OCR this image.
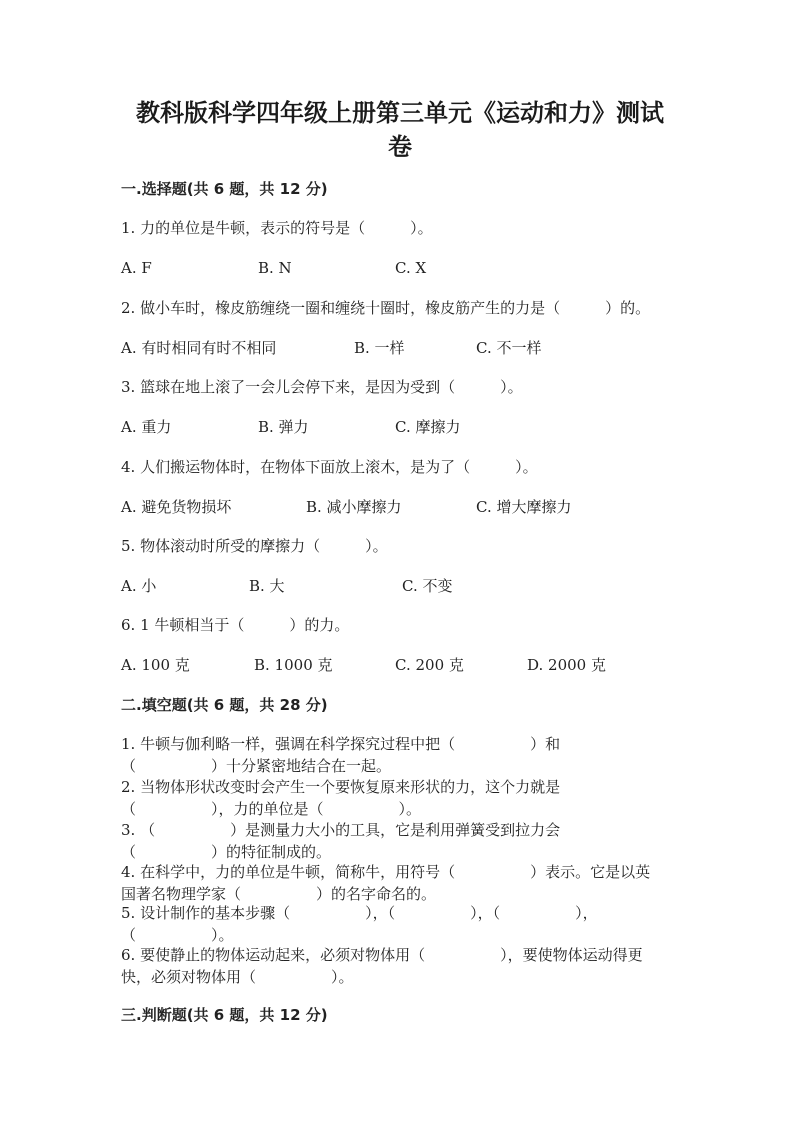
教科版科学四年级上册第三单元《运动和力》测试
卷
一.选择题(共 6 题，共 12 分)
1. 力的单位是牛顿，表示的符号是（　　　）。
A. F	B. N	C. X
2. 做小车时，橡皮筋缠绕一圈和缠绕十圈时，橡皮筋产生的力是（　　　）的。
A. 有时相同有时不相同	B. 一样	C. 不一样
3. 篮球在地上滚了一会儿会停下来，是因为受到（　　　）。
A. 重力	B. 弹力	C. 摩擦力
4. 人们搬运物体时，在物体下面放上滚木，是为了（　　　）。
A. 避免货物损坏	B. 减小摩擦力	C. 增大摩擦力
5. 物体滚动时所受的摩擦力（　　　）。
A. 小	B. 大	C. 不变
6. 1 牛顿相当于（　　　）的力。
A. 100 克	B. 1000 克	C. 200 克	D. 2000 克
二.填空题(共 6 题，共 28 分)
1. 牛顿与伽利略一样，强调在科学探究过程中把（　　　　　）和
（　　　　　）十分紧密地结合在一起。
2. 当物体形状改变时会产生一个要恢复原来形状的力，这个力就是
（　　　　　），力的单位是（　　　　　）。
3. （　　　　　）是测量力大小的工具，它是利用弹簧受到拉力会
（　　　　　）的特征制成的。
4. 在科学中，力的单位是牛顿，简称牛，用符号（　　　　　）表示。它是以英
国著名物理学家（　　　　　）的名字命名的。
5. 设计制作的基本步骤（　　　　　），（　　　　　），（　　　　　），
（　　　　　）。
6. 要使静止的物体运动起来，必须对物体用（　　　　　），要使物体运动得更
快，必须对物体用（　　　　　）。
三.判断题(共 6 题，共 12 分)
